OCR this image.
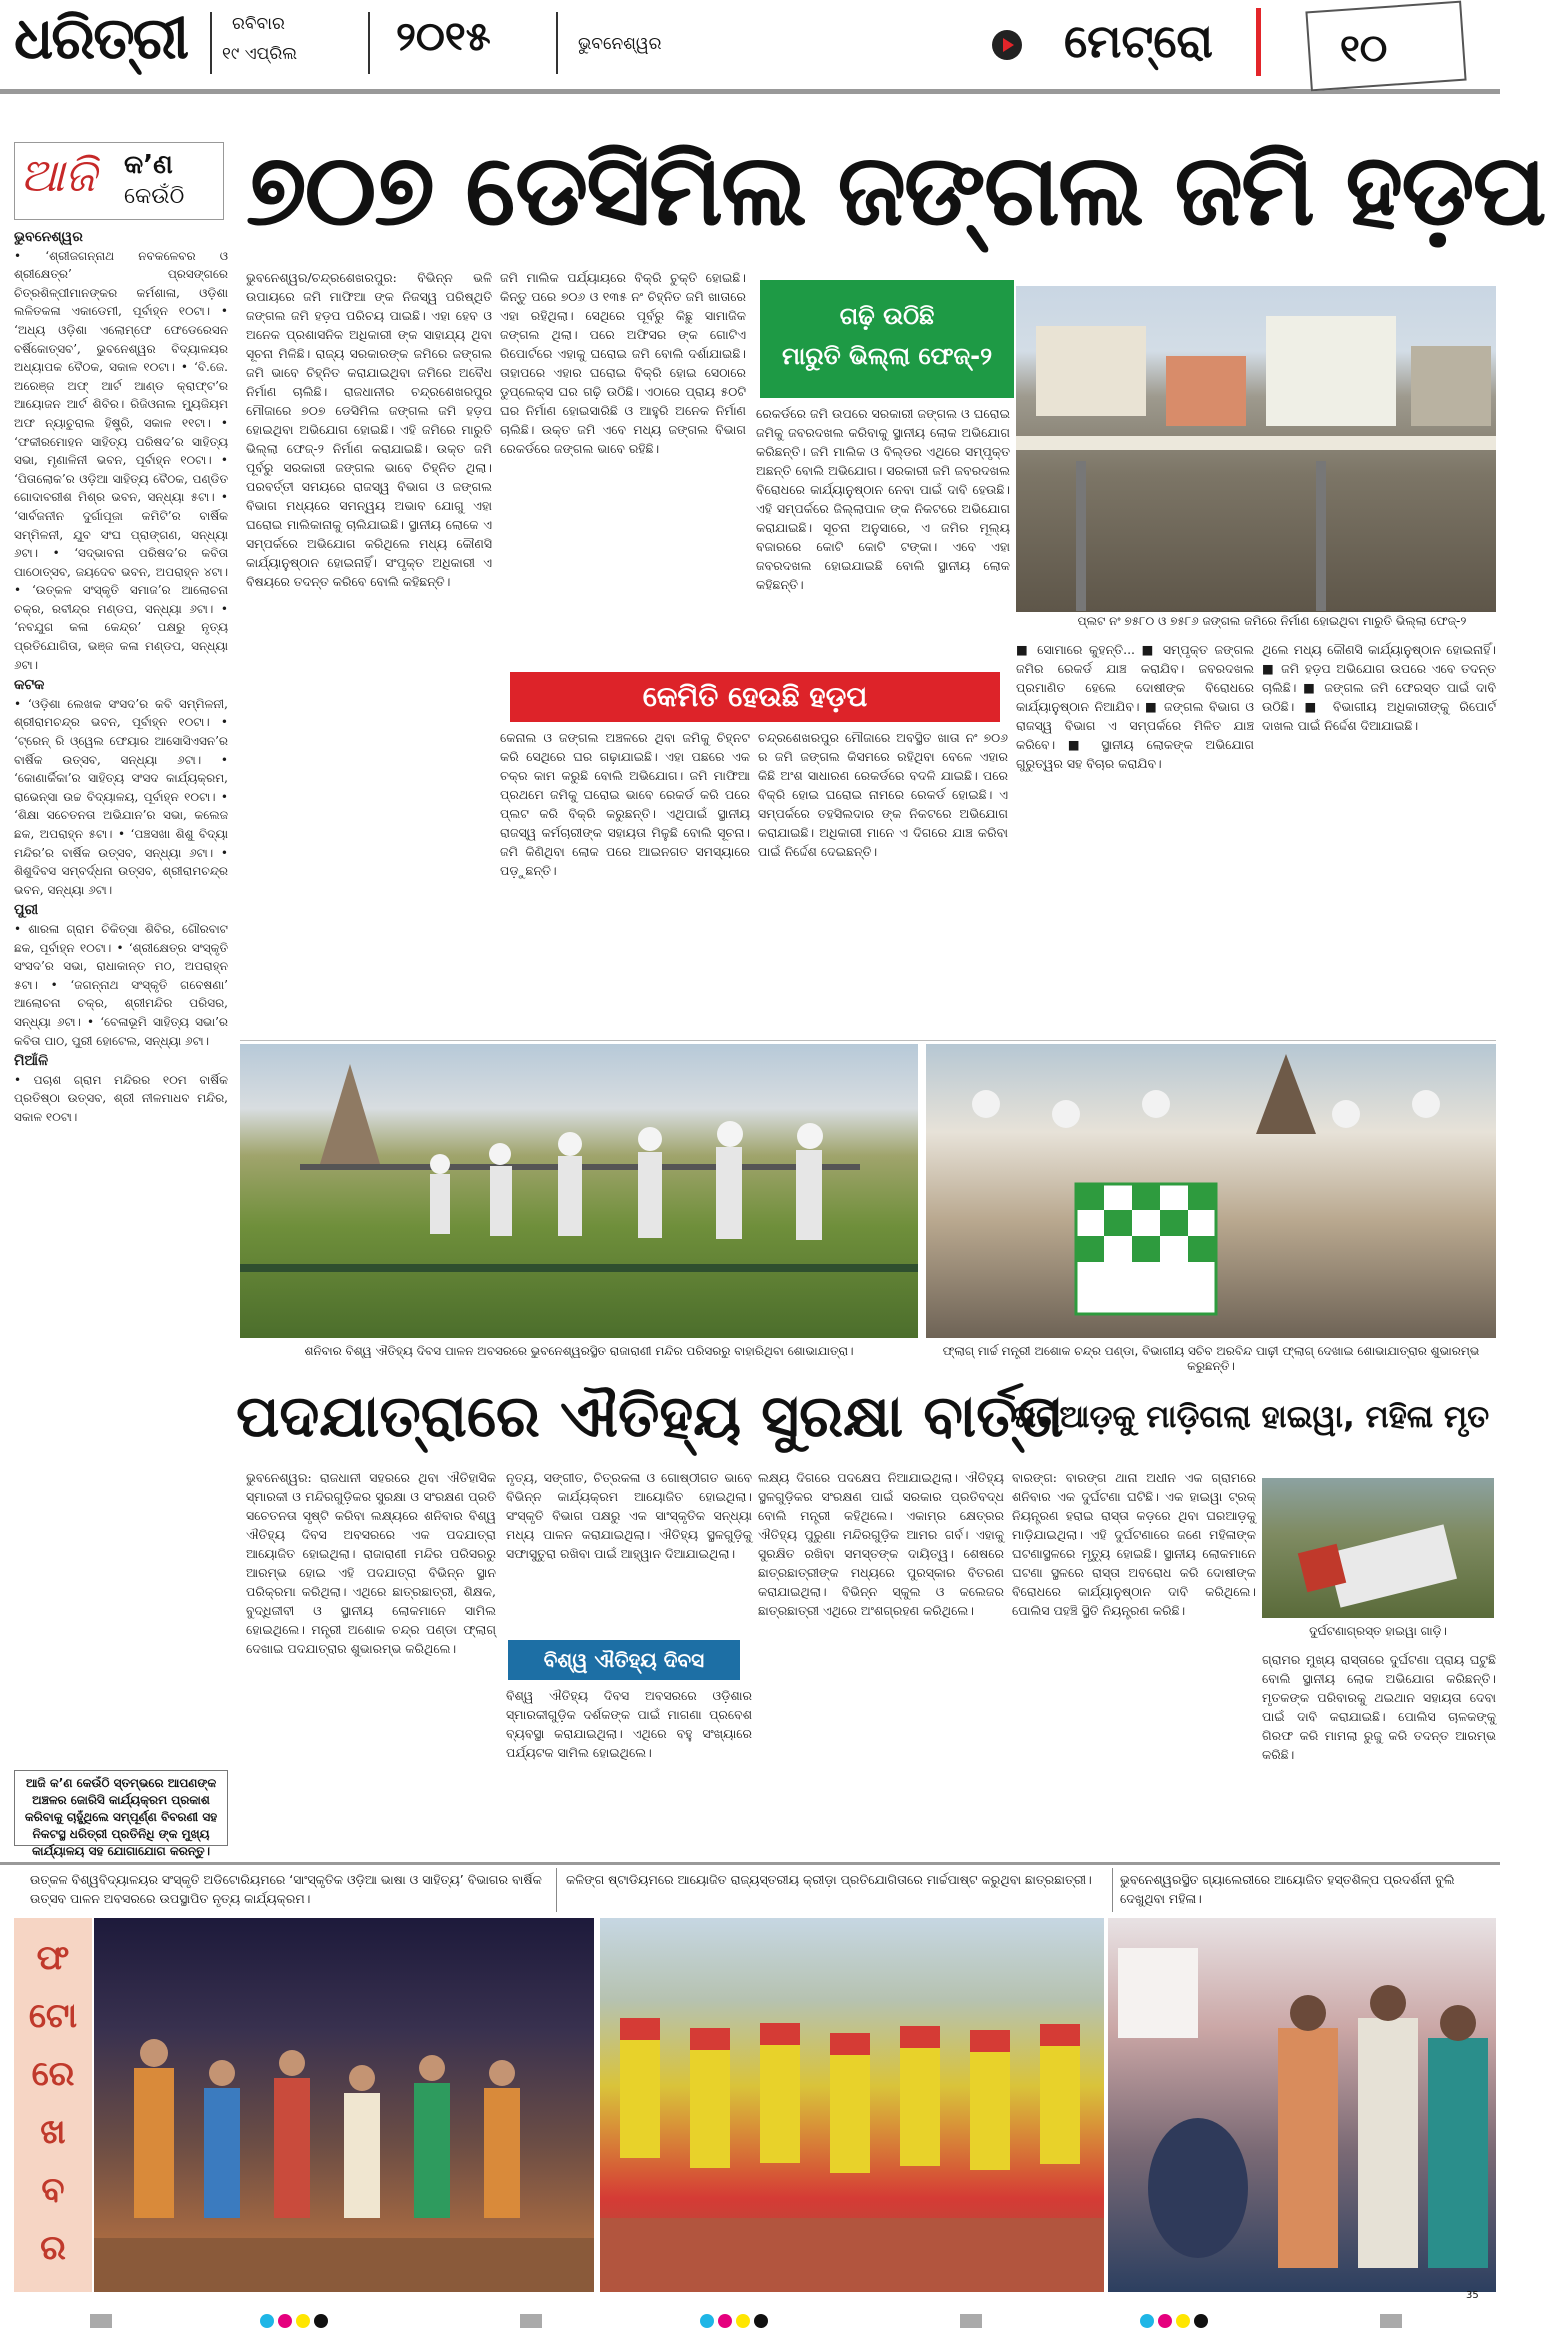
ଧରିତ୍ରୀ	ରବିବାର
୧୯ ଏପ୍ରିଲ ୨୦୧୫	ଭୁବନେଶ୍ୱର	ମେଟ୍ରୋ	୧୦
ଆଜି କ’ଣ
କେଉଁଠି
ଭୁବନେଶ୍ୱର
• ‘ଶ୍ରୀଜଗନ୍ନାଥ ନବକଳେବର ଓ ଶ୍ରୀକ୍ଷେତ୍ର’ ପ୍ରସଙ୍ଗରେ ଚିତ୍ରଶିଳ୍ପୀମାନଙ୍କର କର୍ମଶାଳା, ଓଡ଼ିଶା ଲଳିତକଳା ଏକାଡେମୀ, ପୂର୍ବାହ୍ନ ୧୦ଟା। • ‘ଅଧ୍ୟ ଓଡ଼ିଶା ଏଲୋମ୍ଫେ ଫେଡେରେସନ ବର୍ଷିକୋତ୍ସବ’, ଭୁବନେଶ୍ୱର ବିଦ୍ୟାଳୟର ଅଧ୍ୟାପକ ବୈଠକ, ସକାଳ ୧୦ଟା। • ‘ବି.ଜେ. ଅରେଞ୍ଜ ଅଫ୍ ଆର୍ଟ ଆଣ୍ଡ କ୍ରାଫ୍ଟ’ର ଆୟୋଜନ ଆର୍ଟ ଶିବିର। ରିଜିଓନାଲ ମ୍ୟୁଜିୟମ ଅଫ ନ୍ୟାଚୁରାଲ ହିଷ୍ଟ୍ରି, ସକାଳ ୧୧ଟା। • ‘ଫକୀରମୋହନ ସାହିତ୍ୟ ପରିଷଦ’ର ସାହିତ୍ୟ ସଭା, ମୃଣାଳିନୀ ଭବନ, ପୂର୍ବାହ୍ନ ୧୦ଟା। • ‘ପିତାଲୋକ’ର ଓଡ଼ିଆ ସାହିତ୍ୟ ବୈଠକ, ପଣ୍ଡିତ ଗୋଦାବରୀଶ ମିଶ୍ର ଭବନ, ସନ୍ଧ୍ୟା ୫ଟା। • ‘ସାର୍ବଜନୀନ ଦୁର୍ଗାପୂଜା କମିଟି’ର ବାର୍ଷିକ ସମ୍ମିଳନୀ, ଯୁବ ସଂଘ ପ୍ରାଙ୍ଗଣ, ସନ୍ଧ୍ୟା ୬ଟା। • ‘ସଦ୍ଭାବନା ପରିଷଦ’ର କବିତା ପାଠୋତ୍ସବ, ଜୟଦେବ ଭବନ, ଅପରାହ୍ନ ୪ଟା। • ‘ଉତ୍କଳ ସଂସ୍କୃତି ସମାଜ’ର ଆଲୋଚନା ଚକ୍ର, ରବୀନ୍ଦ୍ର ମଣ୍ଡପ, ସନ୍ଧ୍ୟା ୬ଟା। • ‘ନବଯୁଗ କଳା କେନ୍ଦ୍ର’ ପକ୍ଷରୁ ନୃତ୍ୟ ପ୍ରତିଯୋଗିତା, ଭଞ୍ଜ କଳା ମଣ୍ଡପ, ସନ୍ଧ୍ୟା ୬ଟା।
କଟକ
• ‘ଓଡ଼ିଶା ଲେଖକ ସଂସଦ’ର କବି ସମ୍ମିଳନୀ, ଶ୍ରୀରାମଚନ୍ଦ୍ର ଭବନ, ପୂର୍ବାହ୍ନ ୧୦ଟା। • ‘ଟ୍ରେନ୍ ରି ଓ୍ୱେଲ ଫେୟାର ଆସୋସିଏସନ’ର ବାର୍ଷିକ ଉତ୍ସବ, ସନ୍ଧ୍ୟା ୬ଟା। • ‘କୋଣାର୍କିକା’ର ସାହିତ୍ୟ ସଂସଦ କାର୍ଯ୍ୟକ୍ରମ, ରାଭେନ୍ସା ଉଚ୍ଚ ବିଦ୍ୟାଳୟ, ପୂର୍ବାହ୍ନ ୧୦ଟା। • ‘ଶିକ୍ଷା ସଚେତନତା ଅଭିଯାନ’ର ସଭା, କଲେଜ ଛକ, ଅପରାହ୍ନ ୫ଟା। • ‘ପଞ୍ଚସଖା ଶିଶୁ ବିଦ୍ୟା ମନ୍ଦିର’ର ବାର୍ଷିକ ଉତ୍ସବ, ସନ୍ଧ୍ୟା ୬ଟା। • ଶିଶୁଦିବସ ସମ୍ବର୍ଦ୍ଧନା ଉତ୍ସବ, ଶ୍ରୀରାମଚନ୍ଦ୍ର ଭବନ, ସନ୍ଧ୍ୟା ୬ଟା।
ପୁରୀ
• ଶାରଳା ଗ୍ରାମ ଚିକିତ୍ସା ଶିବିର, ଗୌରବାଟ ଛକ, ପୂର୍ବାହ୍ନ ୧୦ଟା। • ‘ଶ୍ରୀକ୍ଷେତ୍ର ସଂସ୍କୃତି ସଂସଦ’ର ସଭା, ରାଧାକାନ୍ତ ମଠ, ଅପରାହ୍ନ ୫ଟା। • ‘ଜଗନ୍ନାଥ ସଂସ୍କୃତି ଗବେଷଣା’ ଆଲୋଚନା ଚକ୍ର, ଶ୍ରୀମନ୍ଦିର ପରିସର, ସନ୍ଧ୍ୟା ୬ଟା। • ‘ବେଳାଭୂମି ସାହିତ୍ୟ ସଭା’ର କବିତା ପାଠ, ପୁରୀ ହୋଟେଲ, ସନ୍ଧ୍ୟା ୬ଟା।
ମିଆଁଳି
• ପଚାଶ ଗ୍ରାମ ମନ୍ଦିରର ୧୦ମ ବାର୍ଷିକ ପ୍ରତିଷ୍ଠା ଉତ୍ସବ, ଶ୍ରୀ ନୀଳମାଧବ ମନ୍ଦିର, ସକାଳ ୧୦ଟା।
ଆଜି କ’ଣ କେଉଁଠି ସ୍ତମ୍ଭରେ ଆପଣଙ୍କ ଅଞ୍ଚଳର ଜୋରିସି କାର୍ଯ୍ୟକ୍ରମ ପ୍ରକାଶ କରିବାକୁ ଚାହୁଁଥିଲେ ସମ୍ପୂର୍ଣ୍ଣ ବିବରଣୀ ସହ ନିକଟସ୍ଥ ଧରିତ୍ରୀ ପ୍ରତିନିଧି ଙ୍କ ମୁଖ୍ୟ କାର୍ଯ୍ୟାଳୟ ସହ ଯୋଗାଯୋଗ କରନ୍ତୁ।
୭୦୭ ଡେସିମିଲ ଜଙ୍ଗଲ ଜମି ହଡ଼ପ
ଭୁବନେଶ୍ୱର/ଚନ୍ଦ୍ରଶେଖରପୁର: ବିଭିନ୍ନ ଭଳି ଉପାୟରେ ଜମି ମାଫିଆ ଙ୍କ ନିଜସ୍ୱ ପରିଷ୍ଥିତି ଜଙ୍ଗଲ ଜମି ହଡ଼ପ ପରିଚୟ ପାଇଛି। ଏହା ହେବ ଓ ଅନେକ ପ୍ରଶାସନିକ ଅଧିକାରୀ ଙ୍କ ସାହାଯ୍ୟ ଥିବା ସୂଚନା ମିଳିଛି। ରାଜ୍ୟ ସରକାରଙ୍କ ଜମିରେ ଜଙ୍ଗଲ ଜମି ଭାବେ ଚିହ୍ନିତ କରାଯାଇଥିବା ଜମିରେ ଅବୈଧ ନିର୍ମାଣ ଚାଲିଛି। ରାଜଧାନୀର ଚନ୍ଦ୍ରଶେଖରପୁର ମୌଜାରେ ୭୦୭ ଡେସିମିଲ ଜଙ୍ଗଲ ଜମି ହଡ଼ପ ହୋଇଥିବା ଅଭିଯୋଗ ହୋଇଛି। ଏହି ଜମିରେ ମାରୁତି ଭିଲ୍ଲା ଫେଜ୍-୨ ନିର୍ମାଣ କରାଯାଇଛି। ଉକ୍ତ ଜମି ପୂର୍ବରୁ ସରକାରୀ ଜଙ୍ଗଲ ଭାବେ ଚିହ୍ନିତ ଥିଲା। ପରବର୍ତ୍ତୀ ସମୟରେ ରାଜସ୍ୱ ବିଭାଗ ଓ ଜଙ୍ଗଲ ବିଭାଗ ମଧ୍ୟରେ ସମନ୍ୱୟ ଅଭାବ ଯୋଗୁ ଏହା ଘରୋଇ ମାଲିକାନାକୁ ଚାଲିଯାଇଛି। ସ୍ଥାନୀୟ ଲୋକେ ଏ ସମ୍ପର୍କରେ ଅଭିଯୋଗ କରିଥିଲେ ମଧ୍ୟ କୌଣସି କାର୍ଯ୍ୟାନୁଷ୍ଠାନ ହୋଇନାହିଁ। ସଂପୃକ୍ତ ଅଧିକାରୀ ଏ ବିଷୟରେ ତଦନ୍ତ କରିବେ ବୋଲି କହିଛନ୍ତି।
ଜମି ମାଲିକ ପର୍ଯ୍ୟାୟରେ ବିକ୍ରି ଚୁକ୍ତି ହୋଇଛି। କିନ୍ତୁ ପରେ ୭୦୬ ଓ ୧୩୫ ନଂ ଚିହ୍ନିତ ଜମି ଖାତାରେ ଏହା ରହିଥିଲା। ସେଥିରେ ପୂର୍ବରୁ କିଛୁ ସାମାଜିକ ଜଙ୍ଗଲ ଥିଲା। ପରେ ଅଫିସର ଙ୍କ ଗୋଟିଏ ରିପୋର୍ଟରେ ଏହାକୁ ଘରୋଇ ଜମି ବୋଲି ଦର୍ଶାଯାଇଛି। ତାହାପରେ ଏହାର ଘରୋଇ ବିକ୍ରି ହୋଇ ସେଠାରେ ଡୁପ୍ଲେକ୍ସ ଘର ଗଢ଼ି ଉଠିଛି। ଏଠାରେ ପ୍ରାୟ ୫୦ଟି ଘର ନିର୍ମାଣ ହୋଇସାରିଛି ଓ ଆହୁରି ଅନେକ ନିର୍ମାଣ ଚାଲିଛି। ଉକ୍ତ ଜମି ଏବେ ମଧ୍ୟ ଜଙ୍ଗଲ ବିଭାଗ ରେକର୍ଡରେ ଜଙ୍ଗଲ ଭାବେ ରହିଛି।
ଗଢ଼ି ଉଠିଛି
ମାରୁତି ଭିଲ୍ଲା ଫେଜ୍-୨
ରେକର୍ଡରେ ଜମି ଉପରେ ସରକାରୀ ଜଙ୍ଗଲ ଓ ଘରୋଇ ଜମିକୁ ଜବରଦଖଲ କରିବାକୁ ସ୍ଥାନୀୟ ଲୋକ ଅଭିଯୋଗ କରିଛନ୍ତି। ଜମି ମାଲିକ ଓ ବିଲ୍ଡର ଏଥିରେ ସମ୍ପୃକ୍ତ ଅଛନ୍ତି ବୋଲି ଅଭିଯୋଗ। ସରକାରୀ ଜମି ଜବରଦଖଲ ବିରୋଧରେ କାର୍ଯ୍ୟାନୁଷ୍ଠାନ ନେବା ପାଇଁ ଦାବି ହେଉଛି। ଏହି ସମ୍ପର୍କରେ ଜିଲ୍ଲାପାଳ ଙ୍କ ନିକଟରେ ଅଭିଯୋଗ କରାଯାଇଛି। ସୂଚନା ଅନୁସାରେ, ଏ ଜମିର ମୂଲ୍ୟ ବଜାରରେ କୋଟି କୋଟି ଟଙ୍କା। ଏବେ ଏହା ଜବରଦଖଲ ହୋଇଯାଇଛି ବୋଲି ସ୍ଥାନୀୟ ଲୋକ କହିଛନ୍ତି।
ପ୍ଲଟ ନଂ ୭୫୮୦ ଓ ୭୫୮୬ ଜଙ୍ଗଲ ଜମିରେ ନିର୍ମାଣ ହୋଇଥିବା ମାରୁତି ଭିଲ୍ଲା ଫେଜ୍-୨
କେମିତି ହେଉଛି ହଡ଼ପ
କେନାଲ ଓ ଜଙ୍ଗଲ ଅଞ୍ଚଳରେ ଥିବା ଜମିକୁ ଚିହ୍ନଟ କରି ସେଥିରେ ଘର ଗଢ଼ାଯାଇଛି। ଏହା ପଛରେ ଏକ ଚକ୍ର କାମ କରୁଛି ବୋଲି ଅଭିଯୋଗ। ଜମି ମାଫିଆ ପ୍ରଥମେ ଜମିକୁ ଘରୋଇ ଭାବେ ରେକର୍ଡ କରି ପରେ ପ୍ଲଟ କରି ବିକ୍ରି କରୁଛନ୍ତି। ଏଥିପାଇଁ ସ୍ଥାନୀୟ ରାଜସ୍ୱ କର୍ମଚାରୀଙ୍କ ସହାୟତା ମିଳୁଛି ବୋଲି ସୂଚନା। ଜମି କିଣିଥିବା ଲୋକ ପରେ ଆଇନଗତ ସମସ୍ୟାରେ ପଡ଼ୁଛନ୍ତି।
ଚନ୍ଦ୍ରଶେଖରପୁର ମୌଜାରେ ଅବସ୍ଥିତ ଖାତା ନଂ ୭୦୬ ର ଜମି ଜଙ୍ଗଲ କିସମରେ ରହିଥିବା ବେଳେ ଏହାର କିଛି ଅଂଶ ସାଧାରଣ ରେକର୍ଡରେ ବଦଳି ଯାଇଛି। ପରେ ବିକ୍ରି ହୋଇ ଘରୋଇ ନାମରେ ରେକର୍ଡ ହୋଇଛି। ଏ ସମ୍ପର୍କରେ ତହସିଲଦାର ଙ୍କ ନିକଟରେ ଅଭିଯୋଗ କରାଯାଇଛି। ଅଧିକାରୀ ମାନେ ଏ ଦିଗରେ ଯାଞ୍ଚ କରିବା ପାଇଁ ନିର୍ଦ୍ଦେଶ ଦେଇଛନ୍ତି।
■ ସୋମାରେ କୁହନ୍ତି... ■ ସମ୍ପୃକ୍ତ ଜଙ୍ଗଲ ଜମିର ରେକର୍ଡ ଯାଞ୍ଚ କରାଯିବ। ଜବରଦଖଲ ପ୍ରମାଣିତ ହେଲେ ଦୋଷୀଙ୍କ ବିରୋଧରେ କାର୍ଯ୍ୟାନୁଷ୍ଠାନ ନିଆଯିବ। ■ ଜଙ୍ଗଲ ବିଭାଗ ଓ ରାଜସ୍ୱ ବିଭାଗ ଏ ସମ୍ପର୍କରେ ମିଳିତ ଯାଞ୍ଚ କରିବେ। ■ ସ୍ଥାନୀୟ ଲୋକଙ୍କ ଅଭିଯୋଗ ଗୁରୁତ୍ୱର ସହ ବିଚାର କରାଯିବ।
ଥିଲେ ମଧ୍ୟ କୌଣସି କାର୍ଯ୍ୟାନୁଷ୍ଠାନ ହୋଇନାହିଁ। ■ ଜମି ହଡ଼ପ ଅଭିଯୋଗ ଉପରେ ଏବେ ତଦନ୍ତ ଚାଲିଛି। ■ ଜଙ୍ଗଲ ଜମି ଫେରସ୍ତ ପାଇଁ ଦାବି ଉଠିଛି। ■ ବିଭାଗୀୟ ଅଧିକାରୀଙ୍କୁ ରିପୋର୍ଟ ଦାଖଲ ପାଇଁ ନିର୍ଦ୍ଦେଶ ଦିଆଯାଇଛି।
ଶନିବାର ବିଶ୍ୱ ଐତିହ୍ୟ ଦିବସ ପାଳନ ଅବସରରେ ଭୁବନେଶ୍ୱରସ୍ଥିତ ରାଜାରାଣୀ ମନ୍ଦିର ପରିସରରୁ ବାହାରିଥିବା ଶୋଭାଯାତ୍ରା।	ଫ୍ଲାଗ୍ ମାର୍ଚ୍ଚ ମନ୍ତ୍ରୀ ଅଶୋକ ଚନ୍ଦ୍ର ପଣ୍ଡା, ବିଭାଗୀୟ ସଚିବ ଅରବିନ୍ଦ ପାଢ଼ୀ ଫ୍ଲାଗ୍ ଦେଖାଇ ଶୋଭାଯାତ୍ରାର ଶୁଭାରମ୍ଭ କରୁଛନ୍ତି।
ପଦଯାତ୍ରାରେ ଐତିହ୍ୟ ସୁରକ୍ଷା ବାର୍ତ୍ତା
ଭୁବନେଶ୍ୱର: ରାଜଧାନୀ ସହରରେ ଥିବା ଐତିହାସିକ ସ୍ମାରକୀ ଓ ମନ୍ଦିରଗୁଡ଼ିକର ସୁରକ୍ଷା ଓ ସଂରକ୍ଷଣ ପ୍ରତି ସଚେତନତା ସୃଷ୍ଟି କରିବା ଲକ୍ଷ୍ୟରେ ଶନିବାର ବିଶ୍ୱ ଐତିହ୍ୟ ଦିବସ ଅବସରରେ ଏକ ପଦଯାତ୍ରା ଆୟୋଜିତ ହୋଇଥିଲା। ରାଜାରାଣୀ ମନ୍ଦିର ପରିସରରୁ ଆରମ୍ଭ ହୋଇ ଏହି ପଦଯାତ୍ରା ବିଭିନ୍ନ ସ୍ଥାନ ପରିକ୍ରମା କରିଥିଲା। ଏଥିରେ ଛାତ୍ରଛାତ୍ରୀ, ଶିକ୍ଷକ, ବୁଦ୍ଧିଜୀବୀ ଓ ସ୍ଥାନୀୟ ଲୋକମାନେ ସାମିଲ ହୋଇଥିଲେ। ମନ୍ତ୍ରୀ ଅଶୋକ ଚନ୍ଦ୍ର ପଣ୍ଡା ଫ୍ଲାଗ୍ ଦେଖାଇ ପଦଯାତ୍ରାର ଶୁଭାରମ୍ଭ କରିଥିଲେ।
ନୃତ୍ୟ, ସଙ୍ଗୀତ, ଚିତ୍ରକଳା ଓ ଗୋଷ୍ଠୀଗତ ଭାବେ ବିଭିନ୍ନ କାର୍ଯ୍ୟକ୍ରମ ଆୟୋଜିତ ହୋଇଥିଲା। ସଂସ୍କୃତି ବିଭାଗ ପକ୍ଷରୁ ଏକ ସାଂସ୍କୃତିକ ସନ୍ଧ୍ୟା ମଧ୍ୟ ପାଳନ କରାଯାଇଥିଲା। ଐତିହ୍ୟ ସ୍ଥଳଗୁଡ଼ିକୁ ସଫାସୁତୁରା ରଖିବା ପାଇଁ ଆହ୍ୱାନ ଦିଆଯାଇଥିଲା।
ବିଶ୍ୱ ଐତିହ୍ୟ ଦିବସ
ବିଶ୍ୱ ଐତିହ୍ୟ ଦିବସ ଅବସରରେ ଓଡ଼ିଶାର ସ୍ମାରକୀଗୁଡ଼ିକ ଦର୍ଶକଙ୍କ ପାଇଁ ମାଗଣା ପ୍ରବେଶ ବ୍ୟବସ୍ଥା କରାଯାଇଥିଲା। ଏଥିରେ ବହୁ ସଂଖ୍ୟାରେ ପର୍ଯ୍ୟଟକ ସାମିଲ ହୋଇଥିଲେ।
ଲକ୍ଷ୍ୟ ଦିଗରେ ପଦକ୍ଷେପ ନିଆଯାଇଥିଲା। ଐତିହ୍ୟ ସ୍ଥଳଗୁଡ଼ିକର ସଂରକ୍ଷଣ ପାଇଁ ସରକାର ପ୍ରତିବଦ୍ଧ ବୋଲି ମନ୍ତ୍ରୀ କହିଥିଲେ। ଏକାମ୍ର କ୍ଷେତ୍ରର ଐତିହ୍ୟ ପୁରୁଣା ମନ୍ଦିରଗୁଡ଼ିକ ଆମର ଗର୍ବ। ଏହାକୁ ସୁରକ୍ଷିତ ରଖିବା ସମସ୍ତଙ୍କ ଦାୟିତ୍ୱ। ଶେଷରେ ଛାତ୍ରଛାତ୍ରୀଙ୍କ ମଧ୍ୟରେ ପୁରସ୍କାର ବିତରଣ କରାଯାଇଥିଲା। ବିଭିନ୍ନ ସ୍କୁଲ ଓ କଲେଜର ଛାତ୍ରଛାତ୍ରୀ ଏଥିରେ ଅଂଶଗ୍ରହଣ କରିଥିଲେ।
ଘରଆଡ଼କୁ ମାଡ଼ିଗଲା ହାଇୱା, ମହିଳା ମୃତ
ବାରଙ୍ଗ: ବାରଙ୍ଗ ଥାନା ଅଧୀନ ଏକ ଗ୍ରାମରେ ଶନିବାର ଏକ ଦୁର୍ଘଟଣା ଘଟିଛି। ଏକ ହାଇୱା ଟ୍ରକ୍ ନିୟନ୍ତ୍ରଣ ହରାଇ ରାସ୍ତା କଡ଼ରେ ଥିବା ଘରଆଡ଼କୁ ମାଡ଼ିଯାଇଥିଲା। ଏହି ଦୁର୍ଘଟଣାରେ ଜଣେ ମହିଳାଙ୍କ ଘଟଣାସ୍ଥଳରେ ମୃତ୍ୟୁ ହୋଇଛି। ସ୍ଥାନୀୟ ଲୋକମାନେ ଘଟଣା ସ୍ଥଳରେ ରାସ୍ତା ଅବରୋଧ କରି ଦୋଷୀଙ୍କ ବିରୋଧରେ କାର୍ଯ୍ୟାନୁଷ୍ଠାନ ଦାବି କରିଥିଲେ। ପୋଲିସ ପହଞ୍ଚି ସ୍ଥିତି ନିୟନ୍ତ୍ରଣ କରିଛି।
ଦୁର୍ଘଟଣାଗ୍ରସ୍ତ ହାଇୱା ଗାଡ଼ି।
ଗ୍ରାମର ମୁଖ୍ୟ ରାସ୍ତାରେ ଦୁର୍ଘଟଣା ପ୍ରାୟ ଘଟୁଛି ବୋଲି ସ୍ଥାନୀୟ ଲୋକ ଅଭିଯୋଗ କରିଛନ୍ତି। ମୃତକଙ୍କ ପରିବାରକୁ ଥଇଥାନ ସହାୟତା ଦେବା ପାଇଁ ଦାବି କରାଯାଇଛି। ପୋଲିସ ଚାଳକଙ୍କୁ ଗିରଫ କରି ମାମଲା ରୁଜୁ କରି ତଦନ୍ତ ଆରମ୍ଭ କରିଛି।
ଉତ୍କଳ ବିଶ୍ୱବିଦ୍ୟାଳୟର ସଂସ୍କୃତି ଅଡିଟୋରିୟମରେ ‘ସାଂସ୍କୃତିକ ଓଡ଼ିଆ ଭାଷା ଓ ସାହିତ୍ୟ’ ବିଭାଗର ବାର୍ଷିକ ଉତ୍ସବ ପାଳନ ଅବସରରେ ଉପସ୍ଥାପିତ ନୃତ୍ୟ କାର୍ଯ୍ୟକ୍ରମ।
କଳିଙ୍ଗ ଷ୍ଟାଡିୟମରେ ଆୟୋଜିତ ରାଜ୍ୟସ୍ତରୀୟ କ୍ରୀଡ଼ା ପ୍ରତିଯୋଗିତାରେ ମାର୍ଚ୍ଚପାଷ୍ଟ କରୁଥିବା ଛାତ୍ରଛାତ୍ରୀ।	ଭୁବନେଶ୍ୱରସ୍ଥିତ ଗ୍ୟାଲେରୀରେ ଆୟୋଜିତ ହସ୍ତଶିଳ୍ପ ପ୍ରଦର୍ଶନୀ ବୁଲି ଦେଖୁଥିବା ମହିଳା।
ଫ
ଟୋ
ରେ
ଖ
ବ
ର
35
